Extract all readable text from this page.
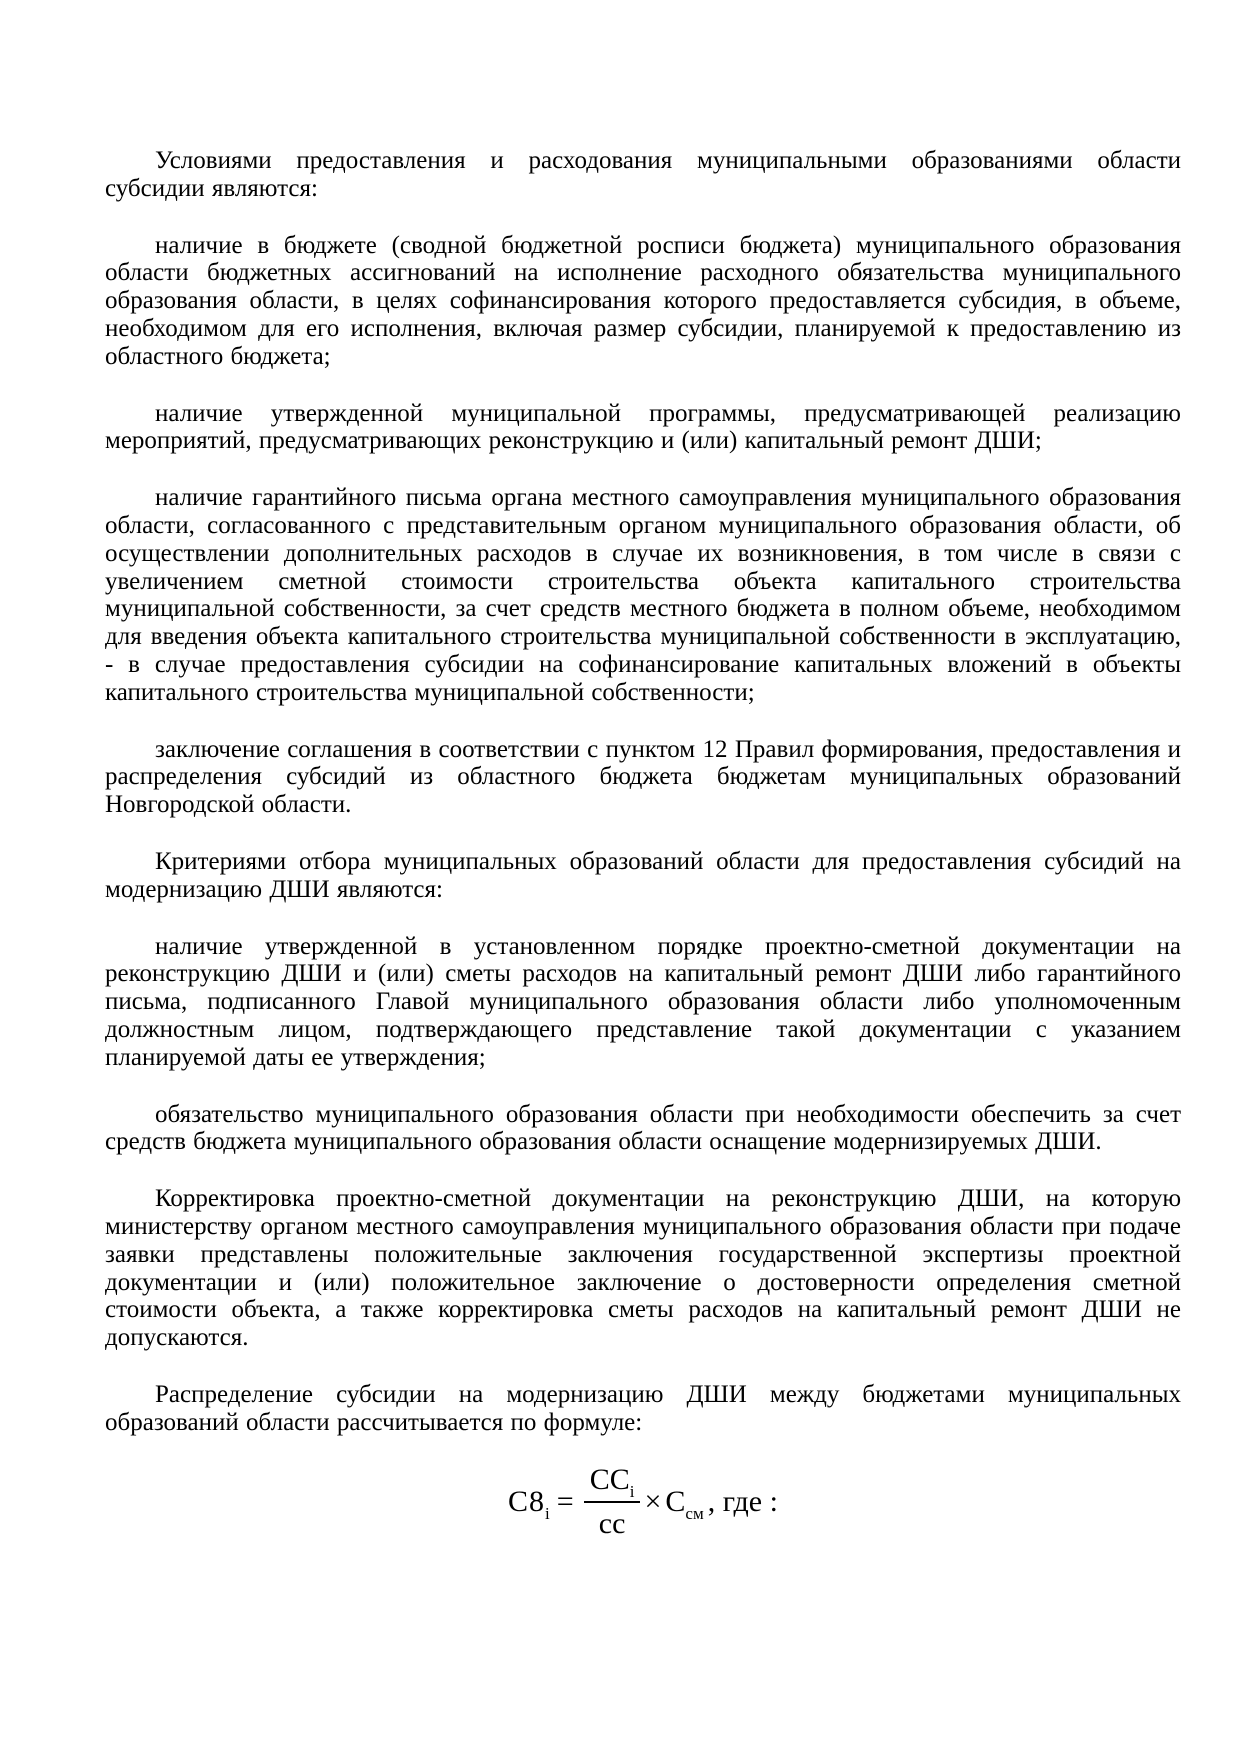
Условиями предоставления и расходования муниципальными образованиями области субсидии являются:

наличие в бюджете (сводной бюджетной росписи бюджета) муниципального образования области бюджетных ассигнований на исполнение расходного обязательства муниципального образования области, в целях софинансирования которого предоставляется субсидия, в объеме, необходимом для его исполнения, включая размер субсидии, планируемой к предоставлению из областного бюджета;

наличие утвержденной муниципальной программы, предусматривающей реализацию мероприятий, предусматривающих реконструкцию и (или) капитальный ремонт ДШИ;

наличие гарантийного письма органа местного самоуправления муниципального образования области, согласованного с представительным органом муниципального образования области, об осуществлении дополнительных расходов в случае их возникновения, в том числе в связи с увеличением сметной стоимости строительства объекта капитального строительства муниципальной собственности, за счет средств местного бюджета в полном объеме, необходимом для введения объекта капитального строительства муниципальной собственности в эксплуатацию, - в случае предоставления субсидии на софинансирование капитальных вложений в объекты капитального строительства муниципальной собственности;

заключение соглашения в соответствии с пунктом 12 Правил формирования, предоставления и распределения субсидий из областного бюджета бюджетам муниципальных образований Новгородской области.

Критериями отбора муниципальных образований области для предоставления субсидий на модернизацию ДШИ являются:

наличие утвержденной в установленном порядке проектно-сметной документации на реконструкцию ДШИ и (или) сметы расходов на капитальный ремонт ДШИ либо гарантийного письма, подписанного Главой муниципального образования области либо уполномоченным должностным лицом, подтверждающего представление такой документации с указанием планируемой даты ее утверждения;

обязательство муниципального образования области при необходимости обеспечить за счет средств бюджета муниципального образования области оснащение модернизируемых ДШИ.

Корректировка проектно-сметной документации на реконструкцию ДШИ, на которую министерству органом местного самоуправления муниципального образования области при подаче заявки представлены положительные заключения государственной экспертизы проектной документации и (или) положительное заключение о достоверности определения сметной стоимости объекта, а также корректировка сметы расходов на капитальный ремонт ДШИ не допускаются.

Распределение субсидии на модернизацию ДШИ между бюджетами муниципальных образований области рассчитывается по формуле:

$С8_i = \frac{СС_i}{сс} \times С_{см}$ , где :
